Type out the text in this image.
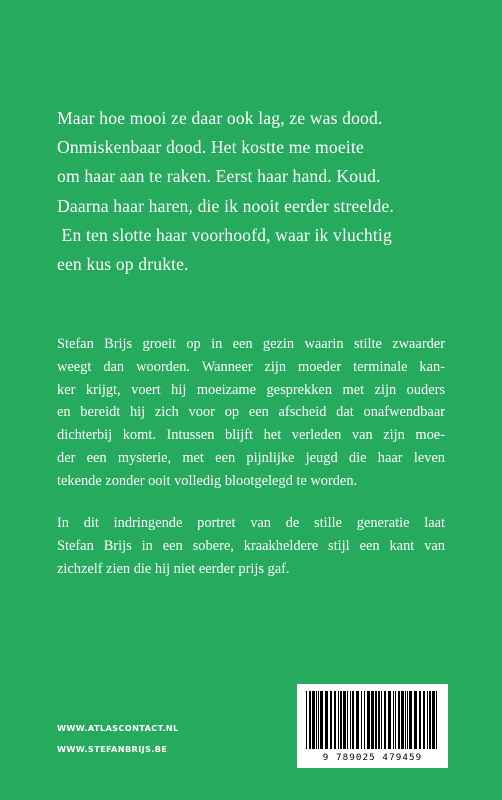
Maar hoe mooi ze daar ook lag, ze was dood.
Onmiskenbaar dood. Het kostte me moeite
om haar aan te raken. Eerst haar hand. Koud.
Daarna haar haren, die ik nooit eerder streelde.
En ten slotte haar voorhoofd, waar ik vluchtig
een kus op drukte.
Stefan Brijs groeit op in een gezin waarin stilte zwaarder
weegt dan woorden. Wanneer zijn moeder terminale kan-
ker krijgt, voert hij moeizame gesprekken met zijn ouders
en bereidt hij zich voor op een afscheid dat onafwendbaar
dichterbij komt. Intussen blijft het verleden van zijn moe-
der een mysterie, met een pijnlijke jeugd die haar leven
tekende zonder ooit volledig blootgelegd te worden.
In dit indringende portret van de stille generatie laat
Stefan Brijs in een sobere, kraakheldere stijl een kant van
zichzelf zien die hij niet eerder prijs gaf.
WWW.ATLASCONTACT.NL
WWW.STEFANBRIJS.BE
9 789025 479459
